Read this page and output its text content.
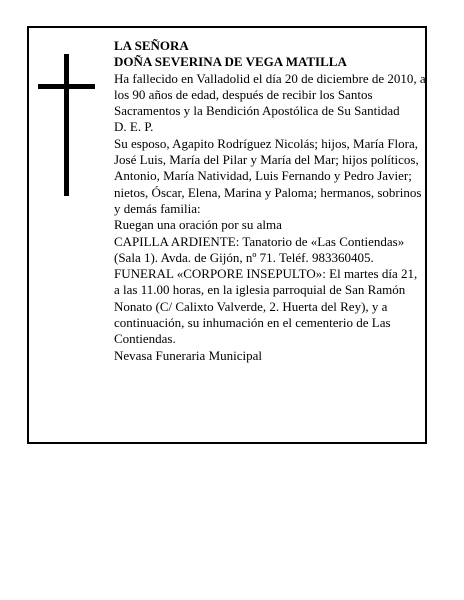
LA SEÑORA

DOÑA SEVERINA DE VEGA MATILLA

Ha fallecido en Valladolid el día 20 de diciembre de 2010, a los 90 años de edad, después de recibir los Santos Sacramentos y la Bendición Apostólica de Su Santidad

D. E. P.

Su esposo, Agapito Rodríguez Nicolás; hijos, María Flora, José Luis, María del Pilar y María del Mar; hijos políticos, Antonio, María Natividad, Luis Fernando y Pedro Javier; nietos, Óscar, Elena, Marina y Paloma; hermanos, sobrinos y demás familia:

Ruegan una oración por su alma

CAPILLA ARDIENTE: Tanatorio de «Las Contiendas» (Sala 1). Avda. de Gijón, nº 71. Teléf. 983360405.

FUNERAL «CORPORE INSEPULTO»: El martes día 21, a las 11.00 horas, en la iglesia parroquial de San Ramón Nonato (C/ Calixto Valverde, 2. Huerta del Rey), y a continuación, su inhumación en el cementerio de Las Contiendas.

Nevasa Funeraria Municipal
